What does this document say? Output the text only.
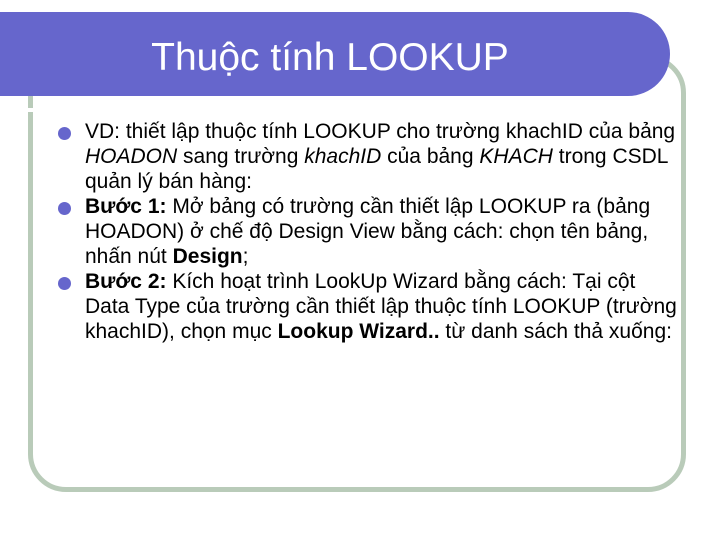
Thuộc tính LOOKUP
VD: thiết lập thuộc tính LOOKUP cho trường khachID của bảng HOADON sang trường khachID của bảng KHACH trong CSDL quản lý bán hàng:
Bước 1: Mở bảng có trường cần thiết lập LOOKUP ra (bảng HOADON) ở chế độ Design View bằng cách: chọn tên bảng, nhấn nút Design;
Bước 2: Kích hoạt trình LookUp Wizard bằng cách: Tại cột Data Type của trường cần thiết lập thuộc tính LOOKUP (trường khachID), chọn mục Lookup Wizard.. từ danh sách thả xuống:
